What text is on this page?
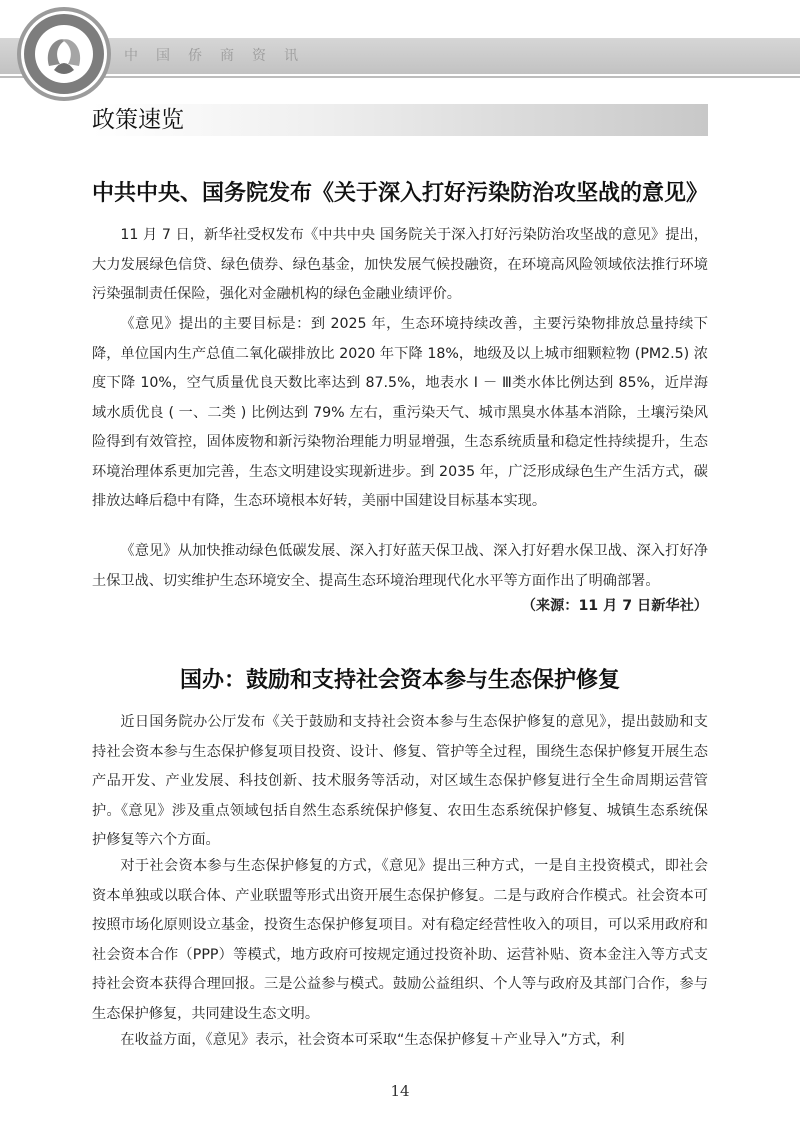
中国侨商资讯
政策速览
中共中央、国务院发布《关于深入打好污染防治攻坚战的意见》

11 月 7 日，新华社受权发布《中共中央 国务院关于深入打好污染防治攻坚战的意见》提出，大力发展绿色信贷、绿色债券、绿色基金，加快发展气候投融资，在环境高风险领域依法推行环境污染强制责任保险，强化对金融机构的绿色金融业绩评价。

《意见》提出的主要目标是：到 2025 年，生态环境持续改善，主要污染物排放总量持续下降，单位国内生产总值二氧化碳排放比 2020 年下降 18%，地级及以上城市细颗粒物 (PM2.5) 浓度下降 10%，空气质量优良天数比率达到 87.5%，地表水 Ⅰ － Ⅲ类水体比例达到 85%，近岸海域水质优良 ( 一、二类 ) 比例达到 79% 左右，重污染天气、城市黑臭水体基本消除，土壤污染风险得到有效管控，固体废物和新污染物治理能力明显增强，生态系统质量和稳定性持续提升，生态环境治理体系更加完善，生态文明建设实现新进步。到 2035 年，广泛形成绿色生产生活方式，碳排放达峰后稳中有降，生态环境根本好转，美丽中国建设目标基本实现。

《意见》从加快推动绿色低碳发展、深入打好蓝天保卫战、深入打好碧水保卫战、深入打好净土保卫战、切实维护生态环境安全、提高生态环境治理现代化水平等方面作出了明确部署。

（来源：11 月 7 日新华社）
国办：鼓励和支持社会资本参与生态保护修复

近日国务院办公厅发布《关于鼓励和支持社会资本参与生态保护修复的意见》，提出鼓励和支持社会资本参与生态保护修复项目投资、设计、修复、管护等全过程，围绕生态保护修复开展生态产品开发、产业发展、科技创新、技术服务等活动，对区域生态保护修复进行全生命周期运营管护。《意见》涉及重点领域包括自然生态系统保护修复、农田生态系统保护修复、城镇生态系统保护修复等六个方面。

对于社会资本参与生态保护修复的方式，《意见》提出三种方式，一是自主投资模式，即社会资本单独或以联合体、产业联盟等形式出资开展生态保护修复。二是与政府合作模式。社会资本可按照市场化原则设立基金，投资生态保护修复项目。对有稳定经营性收入的项目，可以采用政府和社会资本合作（PPP）等模式，地方政府可按规定通过投资补助、运营补贴、资本金注入等方式支持社会资本获得合理回报。三是公益参与模式。鼓励公益组织、个人等与政府及其部门合作，参与生态保护修复，共同建设生态文明。

在收益方面，《意见》表示，社会资本可采取“生态保护修复＋产业导入”方式，利

14
